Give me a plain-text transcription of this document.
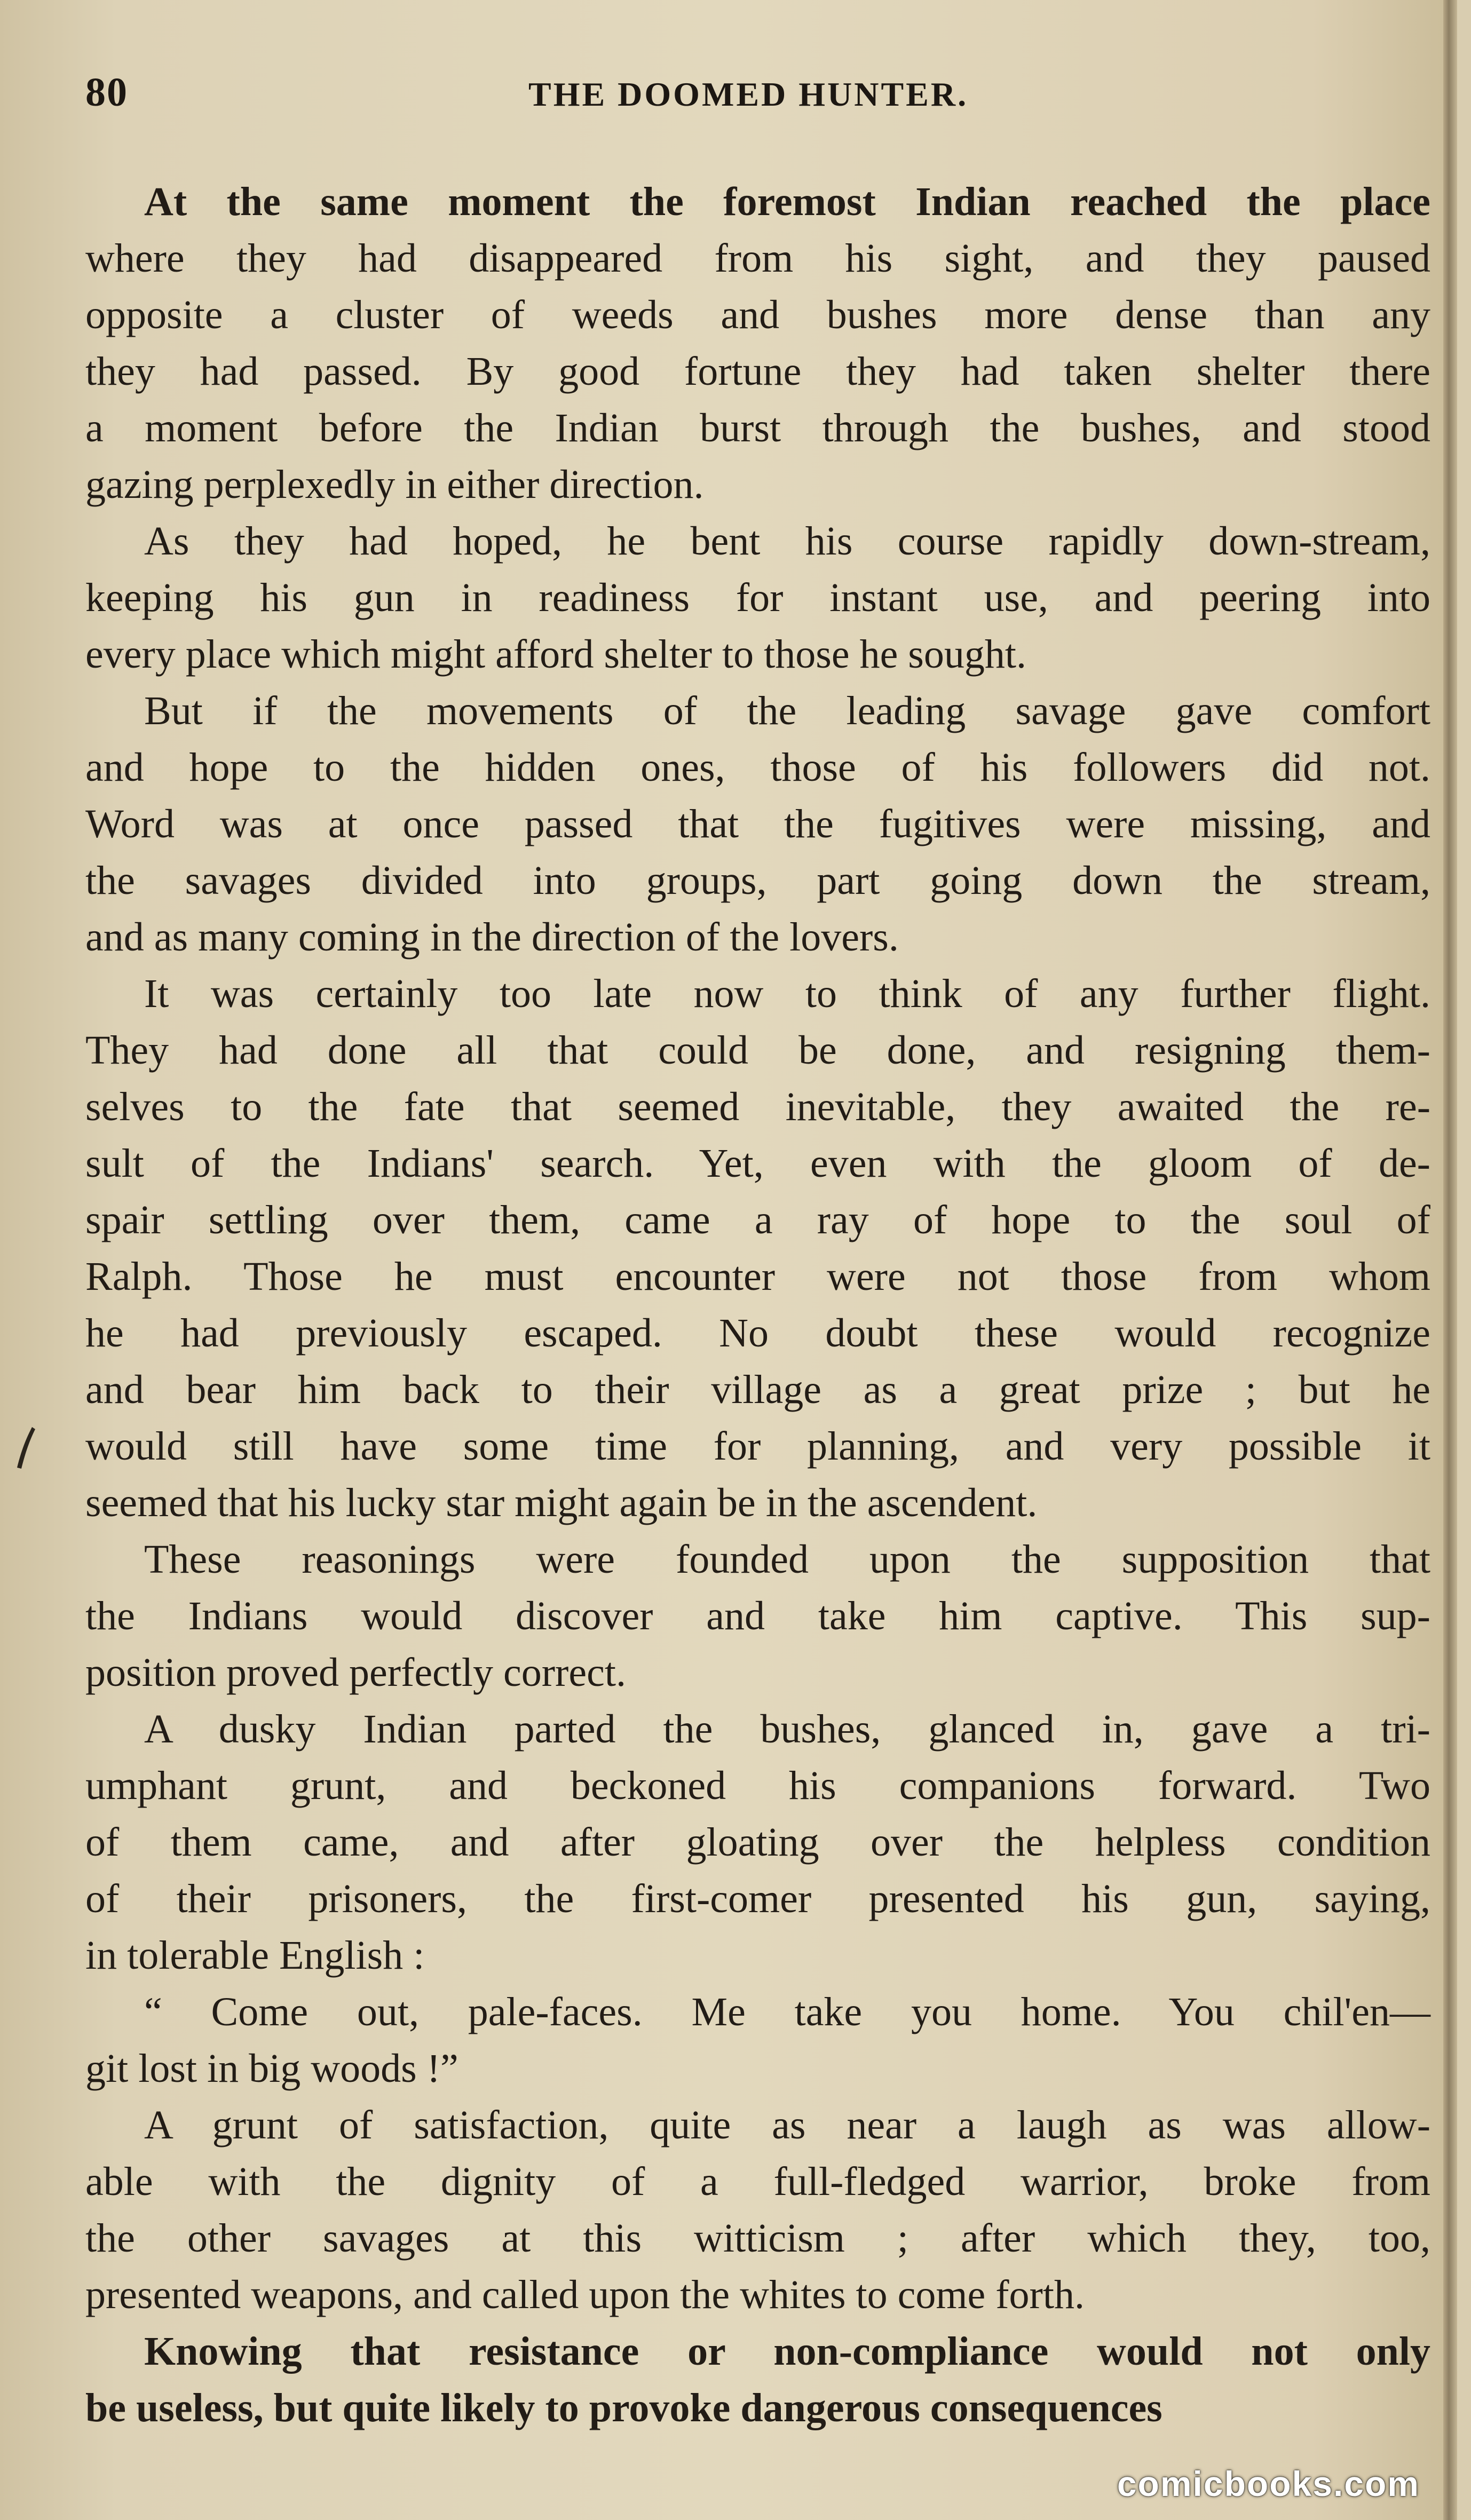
80	THE DOOMED HUNTER.
At the same moment the foremost Indian reached the place
where they had disappeared from his sight, and they paused
opposite a cluster of weeds and bushes more dense than any
they had passed. By good fortune they had taken shelter there
a moment before the Indian burst through the bushes, and stood
gazing perplexedly in either direction.
As they had hoped, he bent his course rapidly down-stream,
keeping his gun in readiness for instant use, and peering into
every place which might afford shelter to those he sought.
But if the movements of the leading savage gave comfort
and hope to the hidden ones, those of his followers did not.
Word was at once passed that the fugitives were missing, and
the savages divided into groups, part going down the stream,
and as many coming in the direction of the lovers.
It was certainly too late now to think of any further flight.
They had done all that could be done, and resigning them-
selves to the fate that seemed inevitable, they awaited the re-
sult of the Indians' search. Yet, even with the gloom of de-
spair settling over them, came a ray of hope to the soul of
Ralph. Those he must encounter were not those from whom
he had previously escaped. No doubt these would recognize
and bear him back to their village as a great prize ; but he
would still have some time for planning, and very possible it
seemed that his lucky star might again be in the ascendent.
These reasonings were founded upon the supposition that
the Indians would discover and take him captive. This sup-
position proved perfectly correct.
A dusky Indian parted the bushes, glanced in, gave a tri-
umphant grunt, and beckoned his companions forward. Two
of them came, and after gloating over the helpless condition
of their prisoners, the first-comer presented his gun, saying,
in tolerable English :
“ Come out, pale-faces. Me take you home. You chil'en—
git lost in big woods !”
A grunt of satisfaction, quite as near a laugh as was allow-
able with the dignity of a full-fledged warrior, broke from
the other savages at this witticism ; after which they, too,
presented weapons, and called upon the whites to come forth.
Knowing that resistance or non-compliance would not only
be useless, but quite likely to provoke dangerous consequences
comicbooks.com
